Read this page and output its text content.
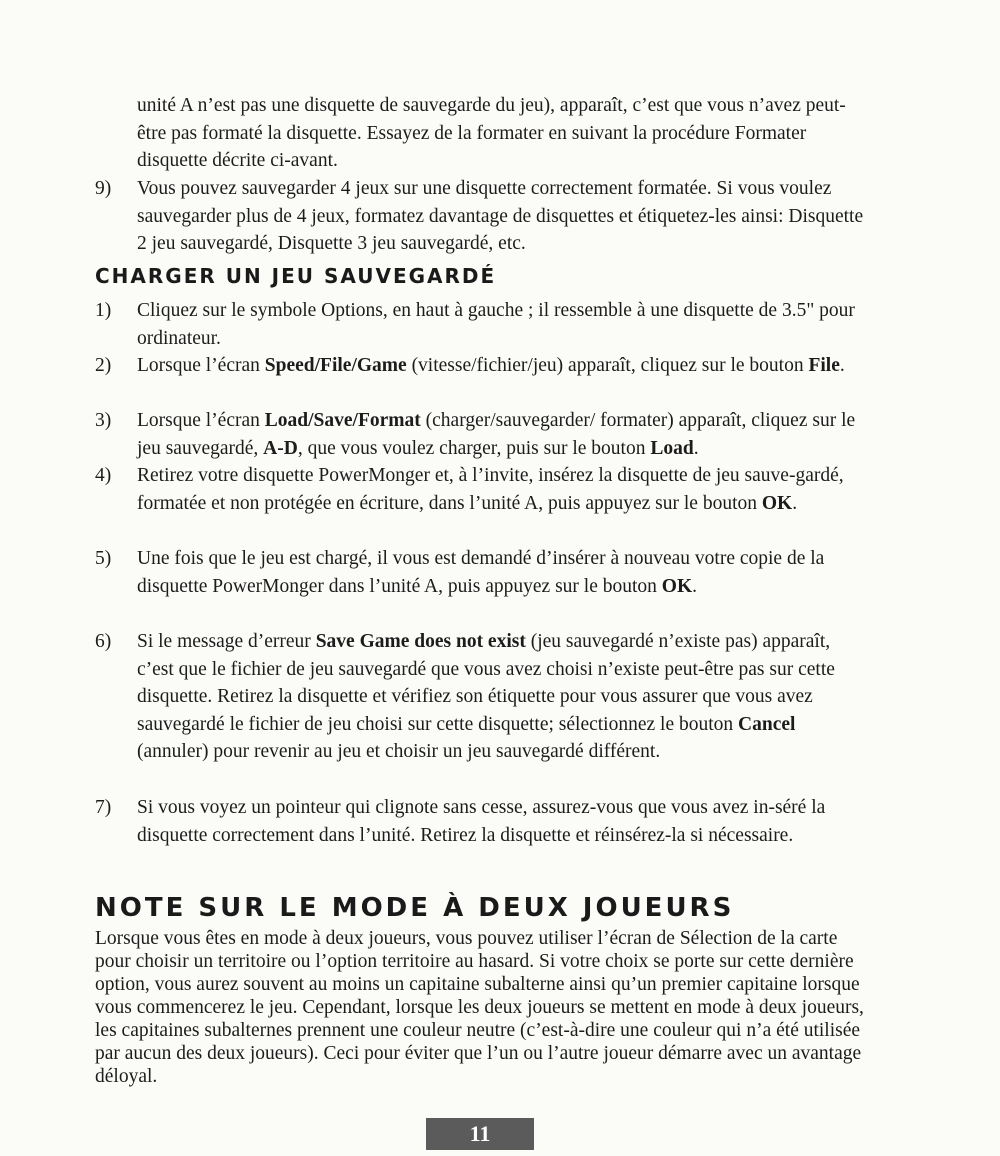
unité A n’est pas une disquette de sauvegarde du jeu), apparaît, c’est que vous n’avez peut-être pas formaté la disquette. Essayez de la formater en suivant la procédure Formater disquette décrite ci-avant.

9)	Vous pouvez sauvegarder 4 jeux sur une disquette correctement formatée. Si vous voulez sauvegarder plus de 4 jeux, formatez davantage de disquettes et étiquetez-les ainsi: Disquette 2 jeu sauvegardé, Disquette 3 jeu sauvegardé, etc.
CHARGER UN JEU SAUVEGARDÉ
1)	Cliquez sur le symbole Options, en haut à gauche ; il ressemble à une disquette de 3.5" pour ordinateur.
2)	Lorsque l’écran Speed/File/Game (vitesse/fichier/jeu) apparaît, cliquez sur le bouton File.
3)	Lorsque l’écran Load/Save/Format (charger/sauvegarder/ formater) apparaît, cliquez sur le jeu sauvegardé, A-D, que vous voulez charger, puis sur le bouton Load.
4)	Retirez votre disquette PowerMonger et, à l’invite, insérez la disquette de jeu sauve-gardé, formatée et non protégée en écriture, dans l’unité A, puis appuyez sur le bouton OK.
5)	Une fois que le jeu est chargé, il vous est demandé d’insérer à nouveau votre copie de la disquette PowerMonger dans l’unité A, puis appuyez sur le bouton OK.
6)	Si le message d’erreur Save Game does not exist (jeu sauvegardé n’existe pas) apparaît, c’est que le fichier de jeu sauvegardé que vous avez choisi n’existe peut-être pas sur cette disquette. Retirez la disquette et vérifiez son étiquette pour vous assurer que vous avez sauvegardé le fichier de jeu choisi sur cette disquette; sélectionnez le bouton Cancel (annuler) pour revenir au jeu et choisir un jeu sauvegardé différent.
7)	Si vous voyez un pointeur qui clignote sans cesse, assurez-vous que vous avez in-séré la disquette correctement dans l’unité. Retirez la disquette et réinsérez-la si nécessaire.
NOTE SUR LE MODE À DEUX JOUEURS

Lorsque vous êtes en mode à deux joueurs, vous pouvez utiliser l’écran de Sélection de la carte pour choisir un territoire ou l’option territoire au hasard. Si votre choix se porte sur cette dernière option, vous aurez souvent au moins un capitaine subalterne ainsi qu’un premier capitaine lorsque vous commencerez le jeu. Cependant, lorsque les deux joueurs se mettent en mode à deux joueurs, les capitaines subalternes prennent une couleur neutre (c’est-à-dire une couleur qui n’a été utilisée par aucun des deux joueurs). Ceci pour éviter que l’un ou l’autre joueur démarre avec un avantage déloyal.

11
